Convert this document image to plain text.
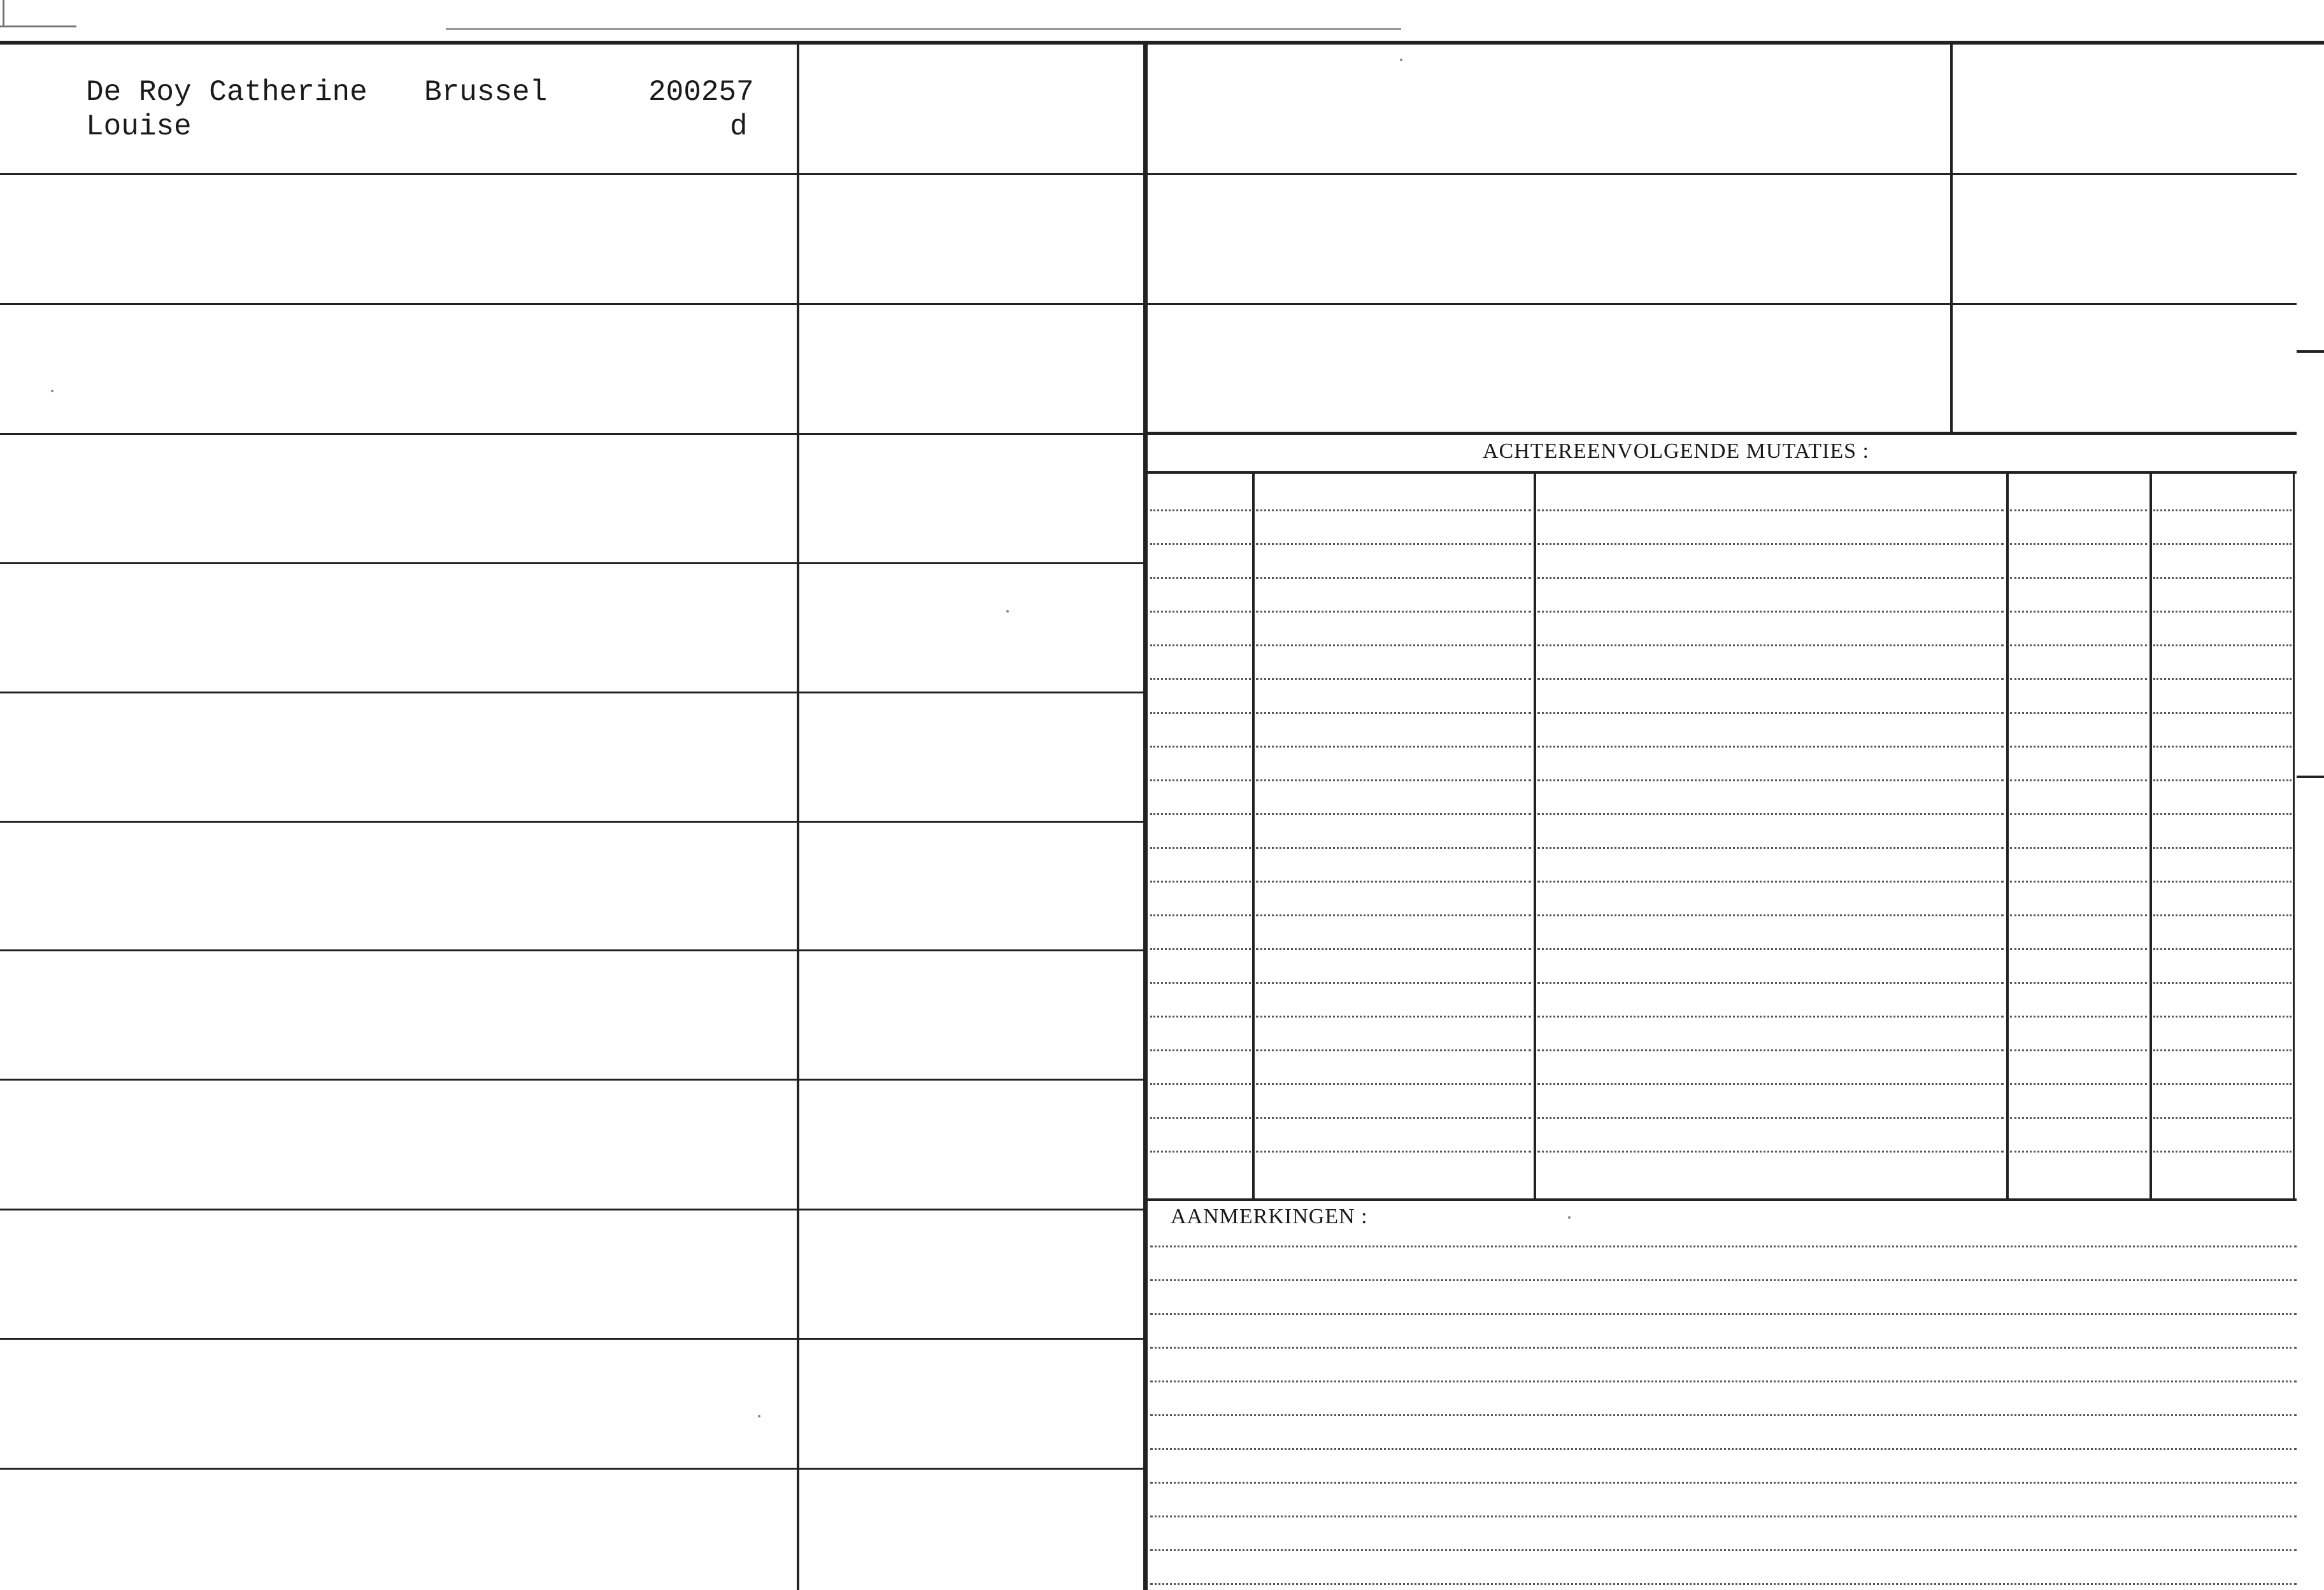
De Roy Catherine
Louise
Brussel	200257
d
ACHTEREENVOLGENDE MUTATIES :
AANMERKINGEN :
